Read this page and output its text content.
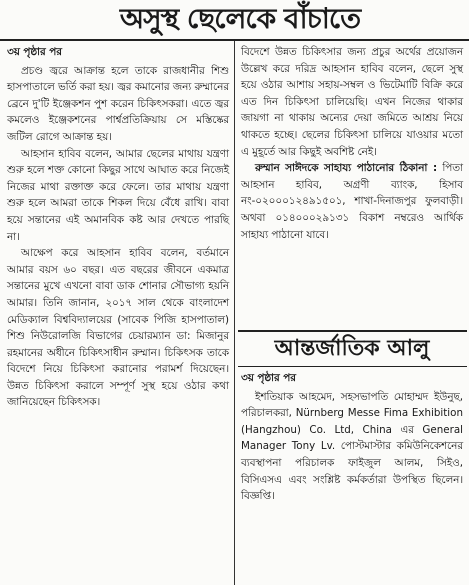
অসুস্থ ছেলেকে বাঁচাতে

৩য় পৃষ্ঠার পর

প্রচণ্ড জ্বরে আক্রান্ত হলে তাকে রাজধানীর শিশু হাসপাতালে ভর্তি করা হয়। জ্বর কমানোর জন্য রুম্মানের ব্রেনে দু'টি ইঞ্জেকশন পুশ করেন চিকিৎসকরা। এতে জ্বর কমলেও ইঞ্জেকশনের পার্শ্বপ্রতিক্রিয়ায় সে মস্তিষ্কের জটিল রোগে আক্রান্ত হয়।

আহসান হাবিব বলেন, আমার ছেলের মাথায় যন্ত্রণা শুরু হলে শক্ত কোনো কিছুর সাথে আঘাত করে নিজেই নিজের মাথা রক্তাক্ত করে ফেলে। তার মাথায় যন্ত্রণা শুরু হলে আমরা তাকে শিকল দিয়ে বেঁধে রাখি। বাবা হয়ে সন্তানের এই অমানবিক কষ্ট আর দেখতে পারছি না।

আক্ষেপ করে আহসান হাবিব বলেন, বর্তমানে আমার বয়স ৬০ বছর। এত বছরের জীবনে একমাত্র সন্তানের মুখে এখনো বাবা ডাক শোনার সৌভাগ্য হয়নি আমার। তিনি জানান, ২০১৭ সাল থেকে বাংলাদেশ মেডিক্যাল বিশ্ববিদ্যালয়ের (সাবেক পিজি হাসপাতাল) শিশু নিউরোলজি বিভাগের চেয়ারম্যান ডা: মিজানুর রহমানের অধীনে চিকিৎসাধীন রুম্মান। চিকিৎসক তাকে বিদেশে নিয়ে চিকিৎসা করানোর পরামর্শ দিয়েছেন। উন্নত চিকিৎসা করালে সম্পূর্ণ সুস্থ হয়ে ওঠার কথা জানিয়েছেন চিকিৎসক।

বিদেশে উন্নত চিকিৎসার জন্য প্রচুর অর্থের প্রয়োজন উল্লেখ করে দরিদ্র আহসান হাবিব বলেন, ছেলে সুস্থ হয়ে ওঠার আশায় সহায়-সম্বল ও ভিটেমাটি বিক্রি করে এত দিন চিকিৎসা চালিয়েছি। এখন নিজের থাকার জায়গা না থাকায় অন্যের দেয়া জমিতে আশ্রয় নিয়ে থাকতে হচ্ছে। ছেলের চিকিৎসা চালিয়ে যাওয়ার মতো এ মুহূর্তে আর কিছুই অবশিষ্ট নেই।

রুম্মান সাঈদকে সাহায্য পাঠানোর ঠিকানা : পিতা আহসান হাবিব, অগ্রণী ব্যাংক, হিসাব নং-০২০০০১২৪৯১৫০১, শাখা-দিনাজপুর ফুলবাড়ী। অথবা ০১৪০০০২৯১৩১ বিকাশ নম্বরেও আর্থিক সাহায্য পাঠানো যাবে।

আন্তর্জাতিক আলু

৩য় পৃষ্ঠার পর

ইশতিয়াক আহমেদ, সহসভাপতি মোহাম্মদ ইউনুছ, পরিচালকরা, Nürnberg Messe Fima Exhibition (Hangzhou) Co. Ltd, China এর General Manager Tony Lv. পোস্টমাস্টার কমিউনিকেশনের ব্যবস্থাপনা পরিচালক ফাইজুল আলম, সিইও, বিসিএসএ এবং সংশ্লিষ্ট কর্মকর্তারা উপস্থিত ছিলেন। বিজ্ঞপ্তি।
